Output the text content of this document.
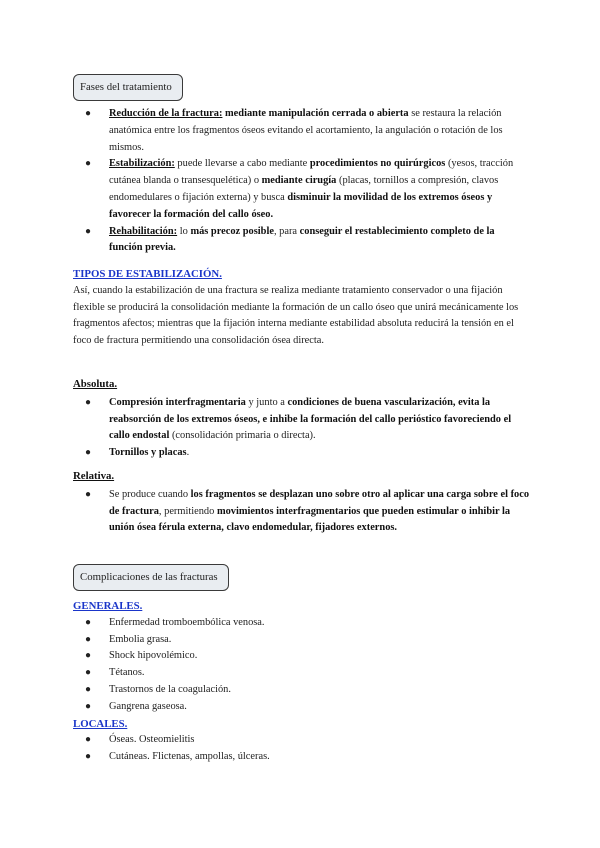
Fases del tratamiento
● Reducción de la fractura: mediante manipulación cerrada o abierta se restaura la relación anatómica entre los fragmentos óseos evitando el acortamiento, la angulación o rotación de los mismos.
● Estabilización: puede llevarse a cabo mediante procedimientos no quirúrgicos (yesos, tracción cutánea blanda o transesquelética) o mediante cirugía (placas, tornillos a compresión, clavos endomedulares o fijación externa) y busca disminuir la movilidad de los extremos óseos y favorecer la formación del callo óseo.
● Rehabilitación: lo más precoz posible, para conseguir el restablecimiento completo de la función previa.

TIPOS DE ESTABILIZACIÓN.

Así, cuando la estabilización de una fractura se realiza mediante tratamiento conservador o una fijación flexible se producirá la consolidación mediante la formación de un callo óseo que unirá mecánicamente los fragmentos afectos; mientras que la fijación interna mediante estabilidad absoluta reducirá la tensión en el foco de fractura permitiendo una consolidación ósea directa.

Absoluta.

● Compresión interfragmentaria y junto a condiciones de buena vascularización, evita la reabsorción de los extremos óseos, e inhibe la formación del callo perióstico favoreciendo el callo endostal (consolidación primaria o directa).
● Tornillos y placas.

Relativa.

● Se produce cuando los fragmentos se desplazan uno sobre otro al aplicar una carga sobre el foco de fractura, permitiendo movimientos interfragmentarios que pueden estimular o inhibir la unión ósea férula externa, clavo endomedular, fijadores externos.
Complicaciones de las fracturas

GENERALES.

● Enfermedad tromboembólica venosa.
● Embolia grasa.
● Shock hipovolémico.
● Tétanos.
● Trastornos de la coagulación.
● Gangrena gaseosa.

LOCALES.

● Óseas. Osteomielitis
● Cutáneas. Flictenas, ampollas, úlceras.
